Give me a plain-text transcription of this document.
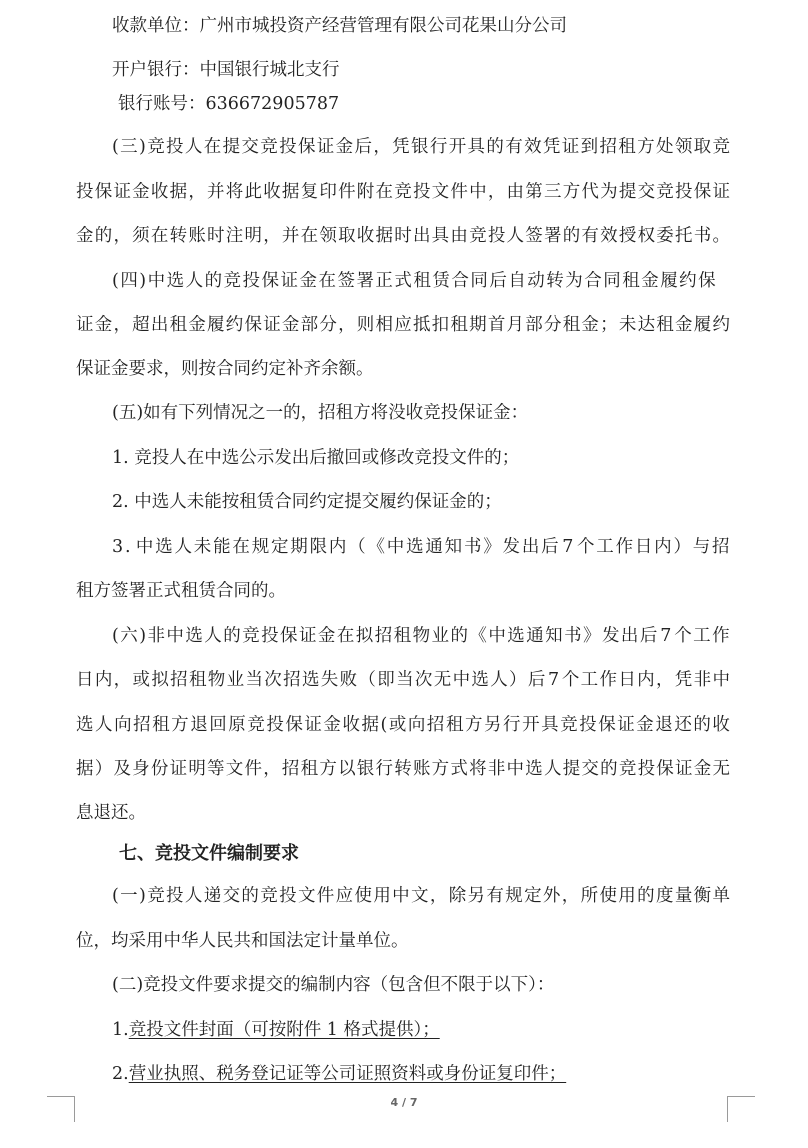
收款单位：广州市城投资产经营管理有限公司花果山分公司
开户银行：中国银行城北支行
银行账号：636672905787
( 三 ) 竞 投 人 在 提 交 竞 投 保 证 金 后 ， 凭 银 行 开 具 的 有 效 凭 证 到 招 租 方 处 领 取 竞
投 保 证 金 收 据 ， 并 将 此 收 据 复 印 件 附 在 竞 投 文 件 中 ， 由 第 三 方 代 为 提 交 竞 投 保 证
金 的 ， 须 在 转 账 时 注 明 ， 并 在 领 取 收 据 时 出 具 由 竞 投 人 签 署 的 有 效 授 权 委 托 书 。
( 四 ) 中 选 人 的 竞 投 保 证 金 在 签 署 正 式 租 赁 合 同 后 自 动 转 为 合 同 租 金 履 约 保
证 金 ， 超 出 租 金 履 约 保 证 金 部 分 ， 则 相 应 抵 扣 租 期 首 月 部 分 租 金 ； 未 达 租 金 履 约
保证金要求，则按合同约定补齐余额。
(五)如有下列情况之一的，招租方将没收竞投保证金：
1. 竞投人在中选公示发出后撤回或修改竞投文件的；
2. 中选人未能按租赁合同约定提交履约保证金的；
3 . 中 选 人 未 能 在 规 定 期 限 内 （ 《 中 选 通 知 书 》 发 出 后 7 个 工 作 日 内 ） 与 招
租方签署正式租赁合同的。
( 六 ) 非 中 选 人 的 竞 投 保 证 金 在 拟 招 租 物 业 的 《 中 选 通 知 书 》 发 出 后 7 个 工 作
日 内 ， 或 拟 招 租 物 业 当 次 招 选 失 败 （ 即 当 次 无 中 选 人 ） 后 7 个 工 作 日 内 ， 凭 非 中
选 人 向 招 租 方 退 回 原 竞 投 保 证 金 收 据 ( 或 向 招 租 方 另 行 开 具 竞 投 保 证 金 退 还 的 收
据 ） 及 身 份 证 明 等 文 件 ， 招 租 方 以 银 行 转 账 方 式 将 非 中 选 人 提 交 的 竞 投 保 证 金 无
息退还。
七、竞投文件编制要求
( 一 ) 竞 投 人 递 交 的 竞 投 文 件 应 使 用 中 文 ， 除 另 有 规 定 外 ， 所 使 用 的 度 量 衡 单
位，均采用中华人民共和国法定计量单位。
(二)竞投文件要求提交的编制内容（包含但不限于以下）：
1.竞投文件封面（可按附件 1 格式提供）；
2.营业执照、税务登记证等公司证照资料或身份证复印件；
4 / 7
